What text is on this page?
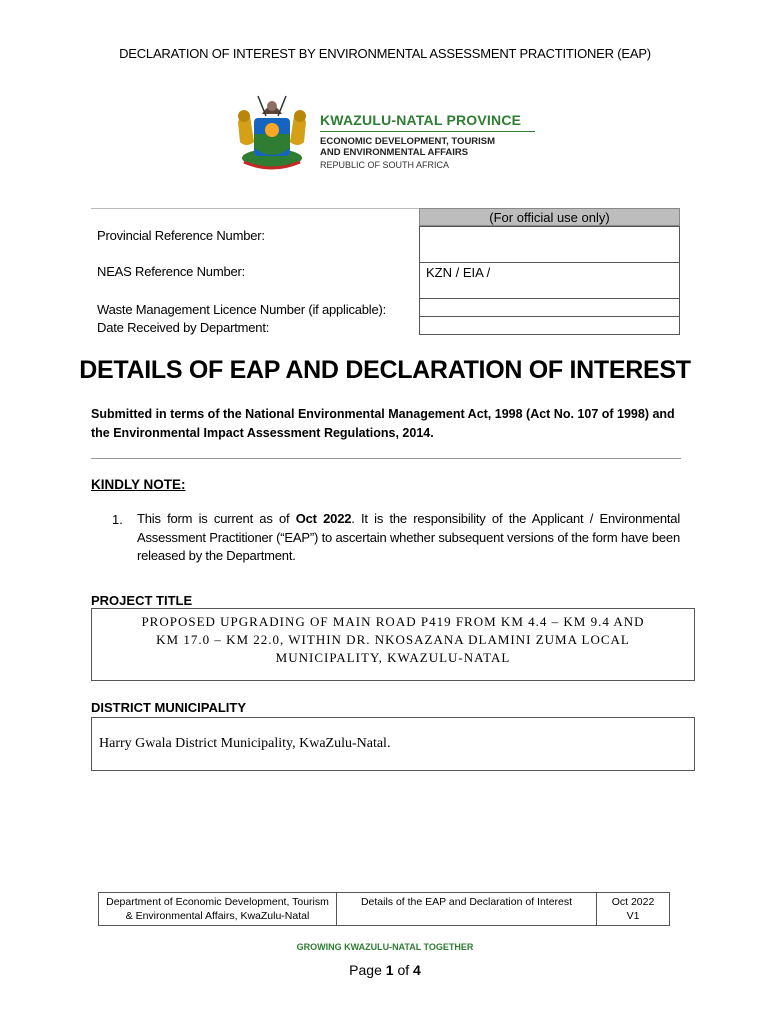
DECLARATION OF INTEREST BY ENVIRONMENTAL ASSESSMENT PRACTITIONER (EAP)
KWAZULU-NATAL PROVINCE
ECONOMIC DEVELOPMENT, TOURISM
AND ENVIRONMENTAL AFFAIRS
REPUBLIC OF SOUTH AFRICA
(For official use only)
Provincial Reference Number:
NEAS Reference Number:	KZN / EIA /
Waste Management Licence Number (if applicable):
Date Received by Department:
DETAILS OF EAP AND DECLARATION OF INTEREST
Submitted in terms of the National Environmental Management Act, 1998 (Act No. 107 of 1998) and
the Environmental Impact Assessment Regulations, 2014.
KINDLY NOTE:
1. This form is current as of Oct 2022. It is the responsibility of the Applicant / Environmental Assessment Practitioner (“EAP”) to ascertain whether subsequent versions of the form have been released by the Department.
PROJECT TITLE
PROPOSED UPGRADING OF MAIN ROAD P419 FROM KM 4.4 – KM 9.4 AND
KM 17.0 – KM 22.0, WITHIN DR. NKOSAZANA DLAMINI ZUMA LOCAL
MUNICIPALITY, KWAZULU-NATAL
DISTRICT MUNICIPALITY
Harry Gwala District Municipality, KwaZulu-Natal.
Department of Economic Development, Tourism
& Environmental Affairs, KwaZulu-Natal
Details of the EAP and Declaration of Interest	Oct 2022
V1
GROWING KWAZULU-NATAL TOGETHER
Page 1 of 4
